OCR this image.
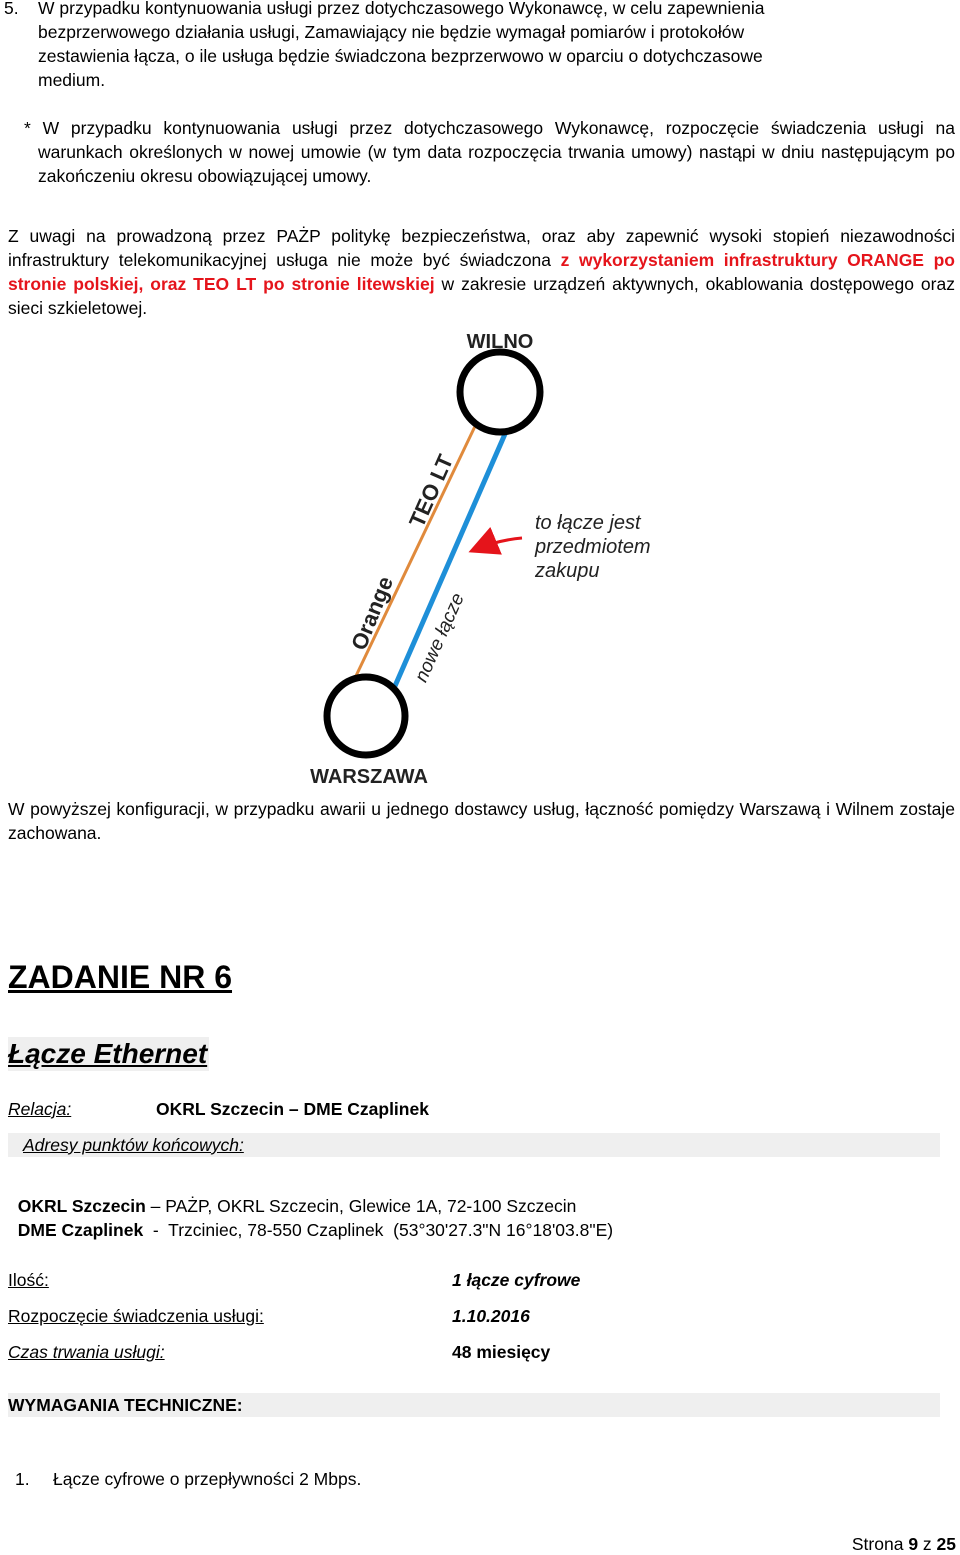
5. W przypadku kontynuowania usługi przez dotychczasowego Wykonawcę, w celu zapewnienia
bezprzerwowego działania usługi, Zamawiający nie będzie wymagał pomiarów i protokołów
zestawienia łącza, o ile usługa będzie świadczona bezprzerwowo w oparciu o dotychczasowe
medium.
* W przypadku kontynuowania usługi przez dotychczasowego Wykonawcę, rozpoczęcie świadczenia usługi na warunkach określonych w nowej umowie (w tym data rozpoczęcia trwania umowy) nastąpi w dniu następującym po zakończeniu okresu obowiązującej umowy.
Z uwagi na prowadzoną przez PAŻP politykę bezpieczeństwa, oraz aby zapewnić wysoki stopień niezawodności infrastruktury telekomunikacyjnej usługa nie może być świadczona z wykorzystaniem infrastruktury ORANGE po stronie polskiej, oraz TEO LT po stronie litewskiej w zakresie urządzeń aktywnych, okablowania dostępowego oraz sieci szkieletowej.
WILNO
WARSZAWA
TEO LT
Orange nowe łącze
to łącze jest
przedmiotem
zakupu
W powyższej konfiguracji, w przypadku awarii u jednego dostawcy usług, łączność pomiędzy Warszawą i Wilnem zostaje zachowana.
ZADANIE NR 6
Łącze Ethernet
Relacja:	OKRL Szczecin – DME Czaplinek
Adresy punktów końcowych:

OKRL Szczecin – PAŻP, OKRL Szczecin, Glewice 1A, 72-100 Szczecin

DME Czaplinek  -  Trzciniec, 78-550 Czaplinek  (53°30'27.3"N 16°18'03.8"E)

Ilość:	1 łącze cyfrowe
Rozpoczęcie świadczenia usługi:	1.10.2016
Czas trwania usługi:	48 miesięcy
WYMAGANIA TECHNICZNE:
1. Łącze cyfrowe o przepływności 2 Mbps.

Strona 9 z 25
